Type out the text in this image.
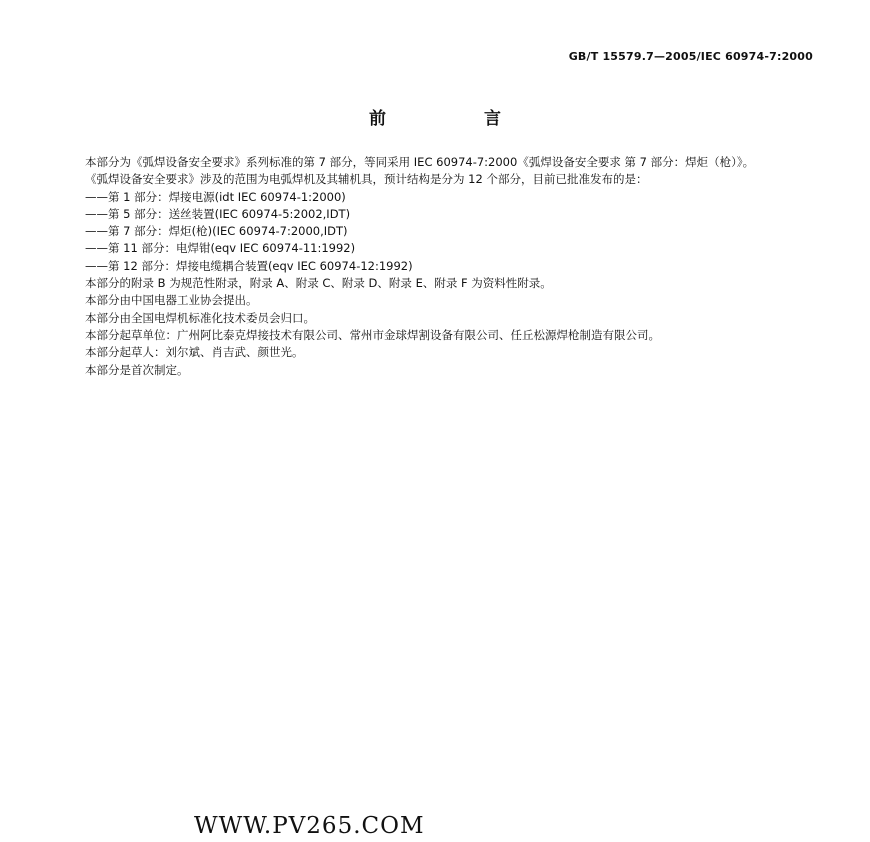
GB/T 15579.7—2005/IEC 60974-7:2000
前 言

本部分为《弧焊设备安全要求》系列标准的第 7 部分，等同采用 IEC 60974-7:2000《弧焊设备安全要求 第 7 部分：焊炬（枪）》。

《弧焊设备安全要求》涉及的范围为电弧焊机及其辅机具，预计结构是分为 12 个部分，目前已批准发布的是：

——第 1 部分：焊接电源(idt IEC 60974-1:2000)

——第 5 部分：送丝装置(IEC 60974-5:2002,IDT)

——第 7 部分：焊炬(枪)(IEC 60974-7:2000,IDT)

——第 11 部分：电焊钳(eqv IEC 60974-11:1992)

——第 12 部分：焊接电缆耦合装置(eqv IEC 60974-12:1992)

本部分的附录 B 为规范性附录，附录 A、附录 C、附录 D、附录 E、附录 F 为资料性附录。

本部分由中国电器工业协会提出。

本部分由全国电焊机标准化技术委员会归口。

本部分起草单位：广州阿比泰克焊接技术有限公司、常州市金球焊割设备有限公司、任丘松源焊枪制造有限公司。

本部分起草人：刘尔斌、肖吉武、颜世光。

本部分是首次制定。

WWW.PV265.COM
